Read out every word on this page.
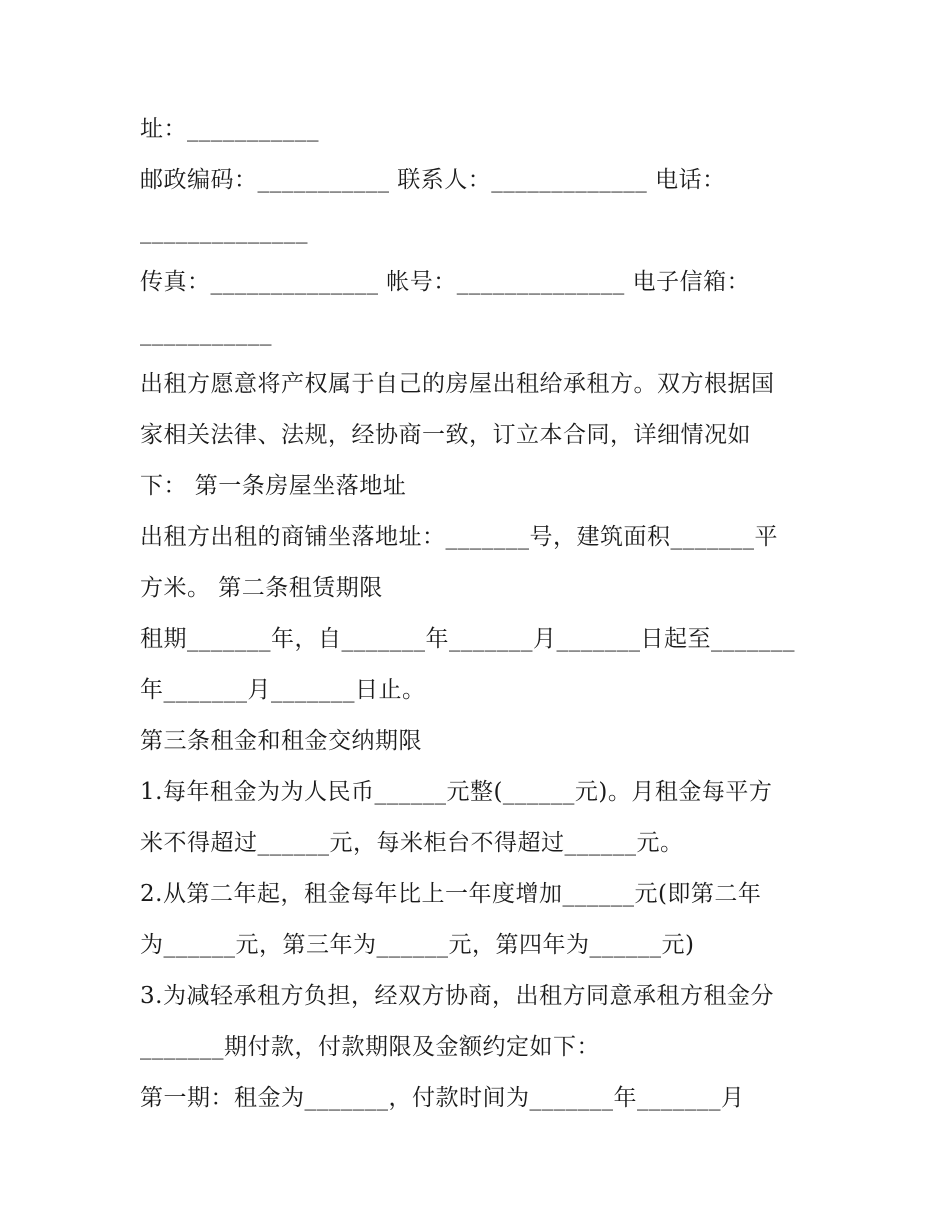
址：___________
邮政编码：___________ 联系人：_____________ 电话：
______________
传真：______________ 帐号：______________ 电子信箱：
___________
出租方愿意将产权属于自己的房屋出租给承租方。双方根据国
家相关法律、法规，经协商一致，订立本合同，详细情况如
下： 第一条房屋坐落地址
出租方出租的商铺坐落地址：_______号，建筑面积_______平
方米。 第二条租赁期限
租期_______年，自_______年_______月_______日起至_______
年_______月_______日止。
第三条租金和租金交纳期限
1.每年租金为为人民币______元整(______元)。月租金每平方
米不得超过______元，每米柜台不得超过______元。
2.从第二年起，租金每年比上一年度增加______元(即第二年
为______元，第三年为______元，第四年为______元)
3.为减轻承租方负担，经双方协商，出租方同意承租方租金分
_______期付款，付款期限及金额约定如下：
第一期：租金为_______，付款时间为_______年_______月
